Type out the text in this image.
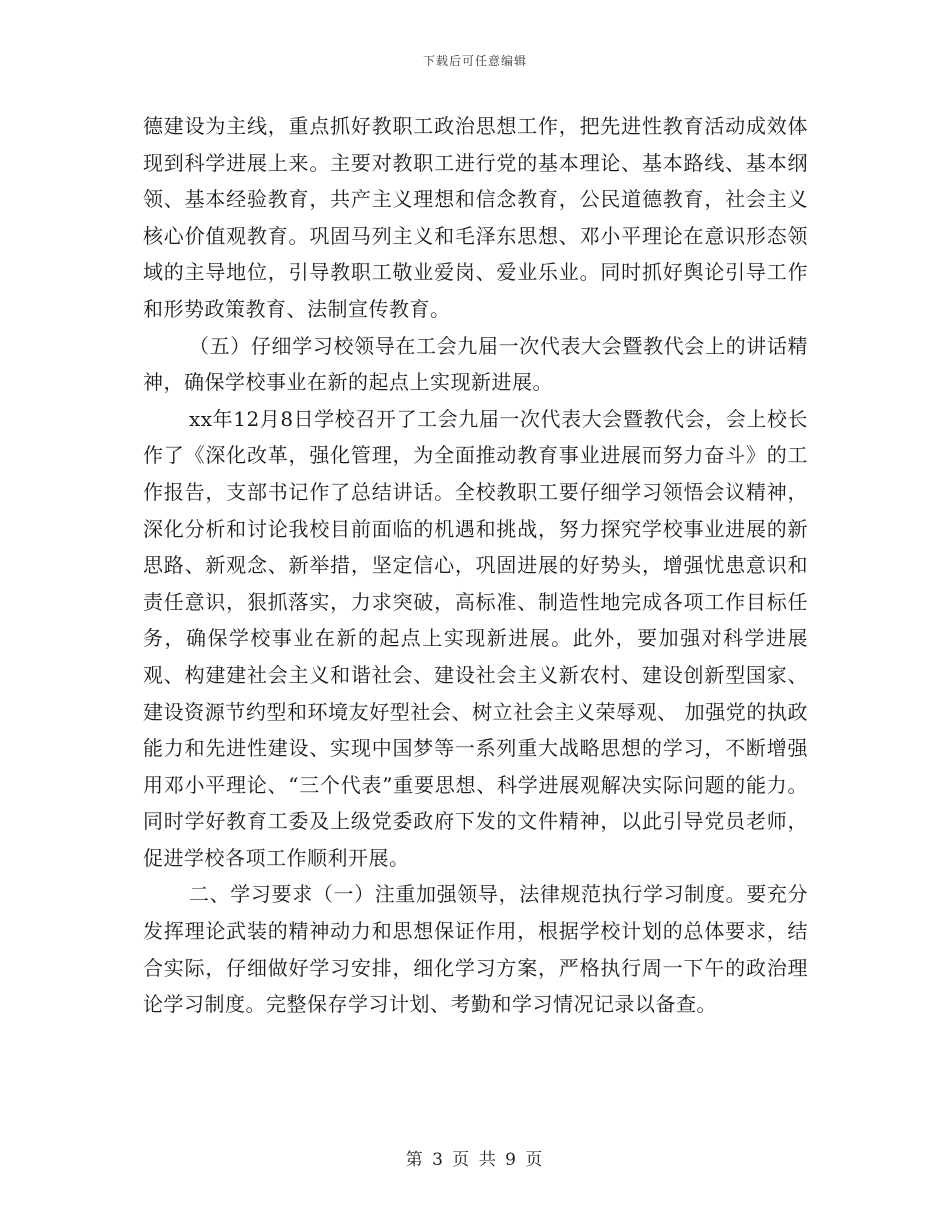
下载后可任意编辑

德建设为主线，重点抓好教职工政治思想工作，把先进性教育活动成效体现到科学进展上来。主要对教职工进行党的基本理论、基本路线、基本纲领、基本经验教育，共产主义理想和信念教育，公民道德教育，社会主义核心价值观教育。巩固马列主义和毛泽东思想、邓小平理论在意识形态领域的主导地位，引导教职工敬业爱岗、爱业乐业。同时抓好舆论引导工作和形势政策教育、法制宣传教育。

（五）仔细学习校领导在工会九届一次代表大会暨教代会上的讲话精神，确保学校事业在新的起点上实现新进展。

xx年12月8日学校召开了工会九届一次代表大会暨教代会，会上校长作了《深化改革，强化管理，为全面推动教育事业进展而努力奋斗》的工作报告，支部书记作了总结讲话。全校教职工要仔细学习领悟会议精神，深化分析和讨论我校目前面临的机遇和挑战，努力探究学校事业进展的新思路、新观念、新举措，坚定信心，巩固进展的好势头，增强忧患意识和责任意识，狠抓落实，力求突破，高标准、制造性地完成各项工作目标任务，确保学校事业在新的起点上实现新进展。此外，要加强对科学进展观、构建建社会主义和谐社会、建设社会主义新农村、建设创新型国家、建设资源节约型和环境友好型社会、树立社会主义荣辱观、 加强党的执政能力和先进性建设、实现中国梦等一系列重大战略思想的学习，不断增强用邓小平理论、“三个代表”重要思想、科学进展观解决实际问题的能力。同时学好教育工委及上级党委政府下发的文件精神，以此引导党员老师，促进学校各项工作顺利开展。

二、学习要求（一）注重加强领导，法律规范执行学习制度。要充分发挥理论武装的精神动力和思想保证作用，根据学校计划的总体要求，结合实际，仔细做好学习安排，细化学习方案，严格执行周一下午的政治理论学习制度。完整保存学习计划、考勤和学习情况记录以备查。

第 3 页 共 9 页
